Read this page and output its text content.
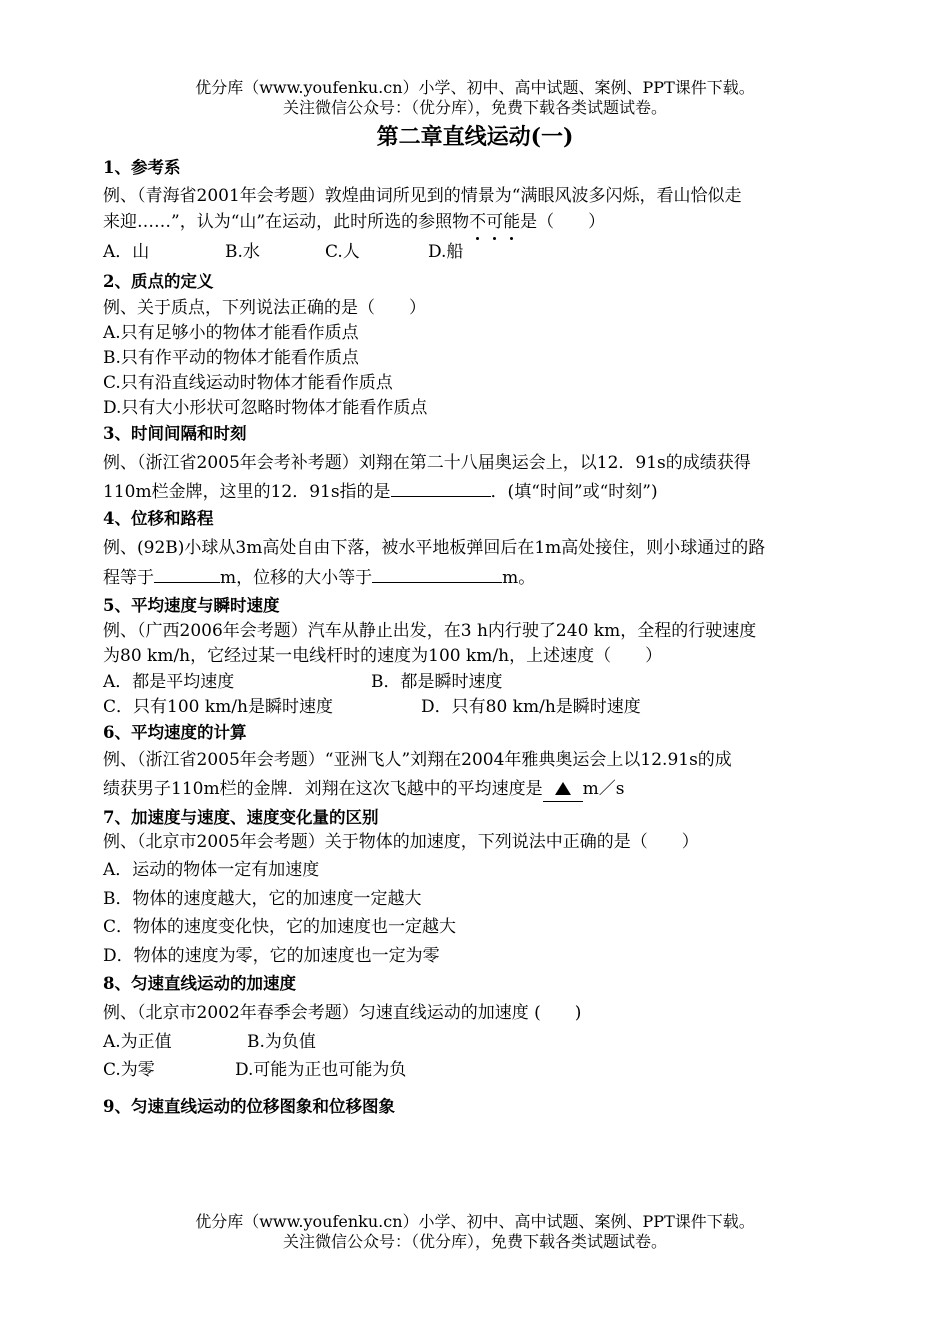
优分库（www.youfenku.cn）小学、初中、高中试题、案例、PPT课件下载。
关注微信公众号：（优分库），免费下载各类试题试卷。
第二章直线运动(一)
1、参考系
例、（青海省2001年会考题）敦煌曲词所见到的情景为“满眼风波多闪烁，看山恰似走
来迎……”，认为“山”在运动，此时所选的参照物不可能是（　　）
A．山	B.水	C.人	D.船
2、质点的定义
例、关于质点，下列说法正确的是（　　）
A.只有足够小的物体才能看作质点
B.只有作平动的物体才能看作质点
C.只有沿直线运动时物体才能看作质点
D.只有大小形状可忽略时物体才能看作质点
3、时间间隔和时刻
例、（浙江省2005年会考补考题）刘翔在第二十八届奥运会上，以12．91s的成绩获得
110m栏金牌，这里的12．91s指的是	．(填“时间”或“时刻”)
4、位移和路程
例、(92B)小球从3m高处自由下落，被水平地板弹回后在1m高处接住，则小球通过的路
程等于	m，位移的大小等于	m。
5、平均速度与瞬时速度
例、（广西2006年会考题）汽车从静止出发，在3 h内行驶了240 km，全程的行驶速度
为80 km/h，它经过某一电线杆时的速度为100 km/h，上述速度（　　）
A．都是平均速度	B．都是瞬时速度
C．只有100 km/h是瞬时速度	D．只有80 km/h是瞬时速度
6、平均速度的计算
例、（浙江省2005年会考题）“亚洲飞人”刘翔在2004年雅典奥运会上以12.91s的成
绩获男子110m栏的金牌．刘翔在这次飞越中的平均速度是 m／s
7、加速度与速度、速度变化量的区别
例、（北京市2005年会考题）关于物体的加速度，下列说法中正确的是（　　）
A．运动的物体一定有加速度
B．物体的速度越大，它的加速度一定越大
C．物体的速度变化快，它的加速度也一定越大
D．物体的速度为零，它的加速度也一定为零
8、匀速直线运动的加速度
例、（北京市2002年春季会考题）匀速直线运动的加速度 (　　)
A.为正值	B.为负值
C.为零	D.可能为正也可能为负
9、匀速直线运动的位移图象和位移图象
优分库（www.youfenku.cn）小学、初中、高中试题、案例、PPT课件下载。
关注微信公众号：（优分库），免费下载各类试题试卷。
